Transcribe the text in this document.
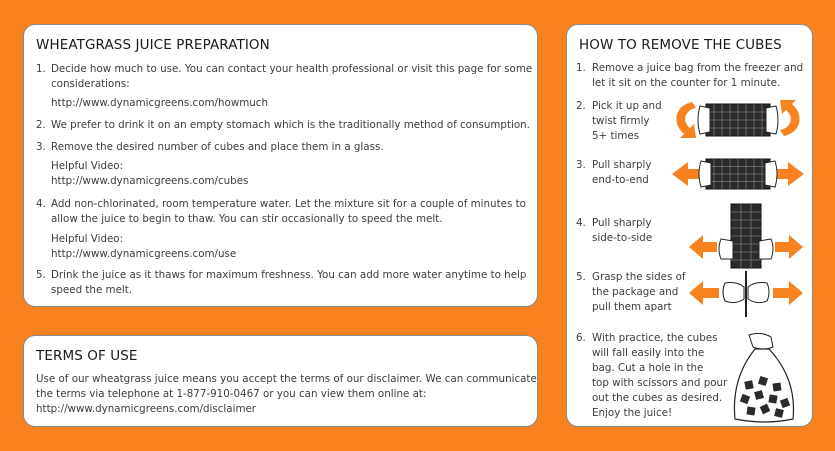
WHEATGRASS JUICE PREPARATION
1. Decide how much to use. You can contact your health professional or visit this page for some
considerations:
http://www.dynamicgreens.com/howmuch
2. We prefer to drink it on an empty stomach which is the traditionally method of consumption.
3. Remove the desired number of cubes and place them in a glass.
Helpful Video:
http://www.dynamicgreens.com/cubes
4. Add non-chlorinated, room temperature water. Let the mixture sit for a couple of minutes to
allow the juice to begin to thaw. You can stir occasionally to speed the melt.
Helpful Video:
http://www.dynamicgreens.com/use
5. Drink the juice as it thaws for maximum freshness. You can add more water anytime to help
speed the melt.
TERMS OF USE
Use of our wheatgrass juice means you accept the terms of our disclaimer. We can communicate
the terms via telephone at 1-877-910-0467 or you can view them online at:
http://www.dynamicgreens.com/disclaimer
HOW TO REMOVE THE CUBES
1. Remove a juice bag from the freezer and
let it sit on the counter for 1 minute.
2. Pick it up and
twist firmly
5+ times
3. Pull sharply
end-to-end
4. Pull sharply
side-to-side
5. Grasp the sides of
the package and
pull them apart
6. With practice, the cubes
will fall easily into the
bag. Cut a hole in the
top with scissors and pour
out the cubes as desired.
Enjoy the juice!
